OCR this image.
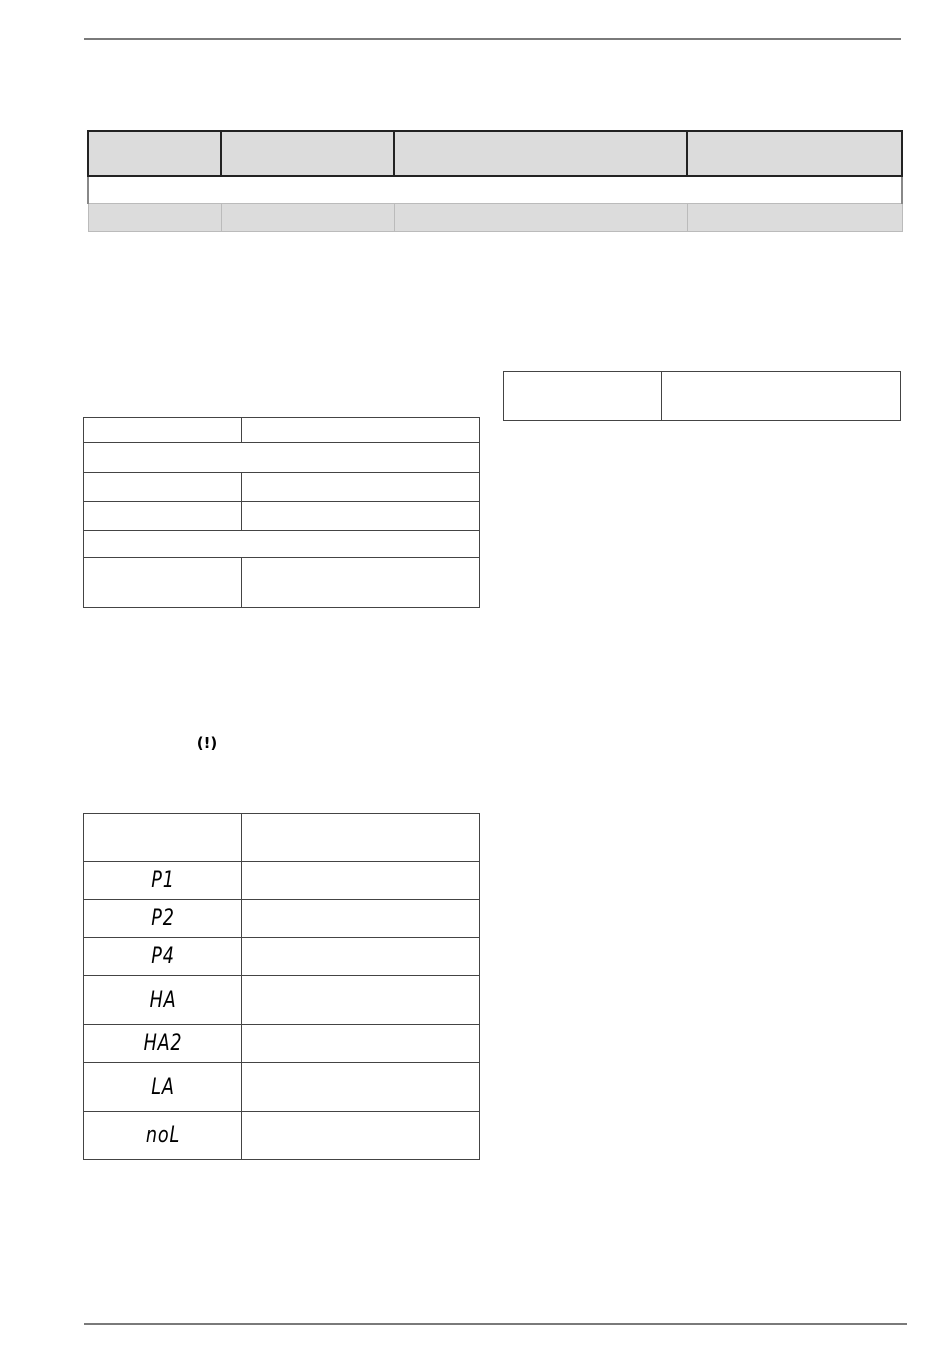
(!)

P1	
P2	
P4	
HA	
HA2	
LA	
noL	
